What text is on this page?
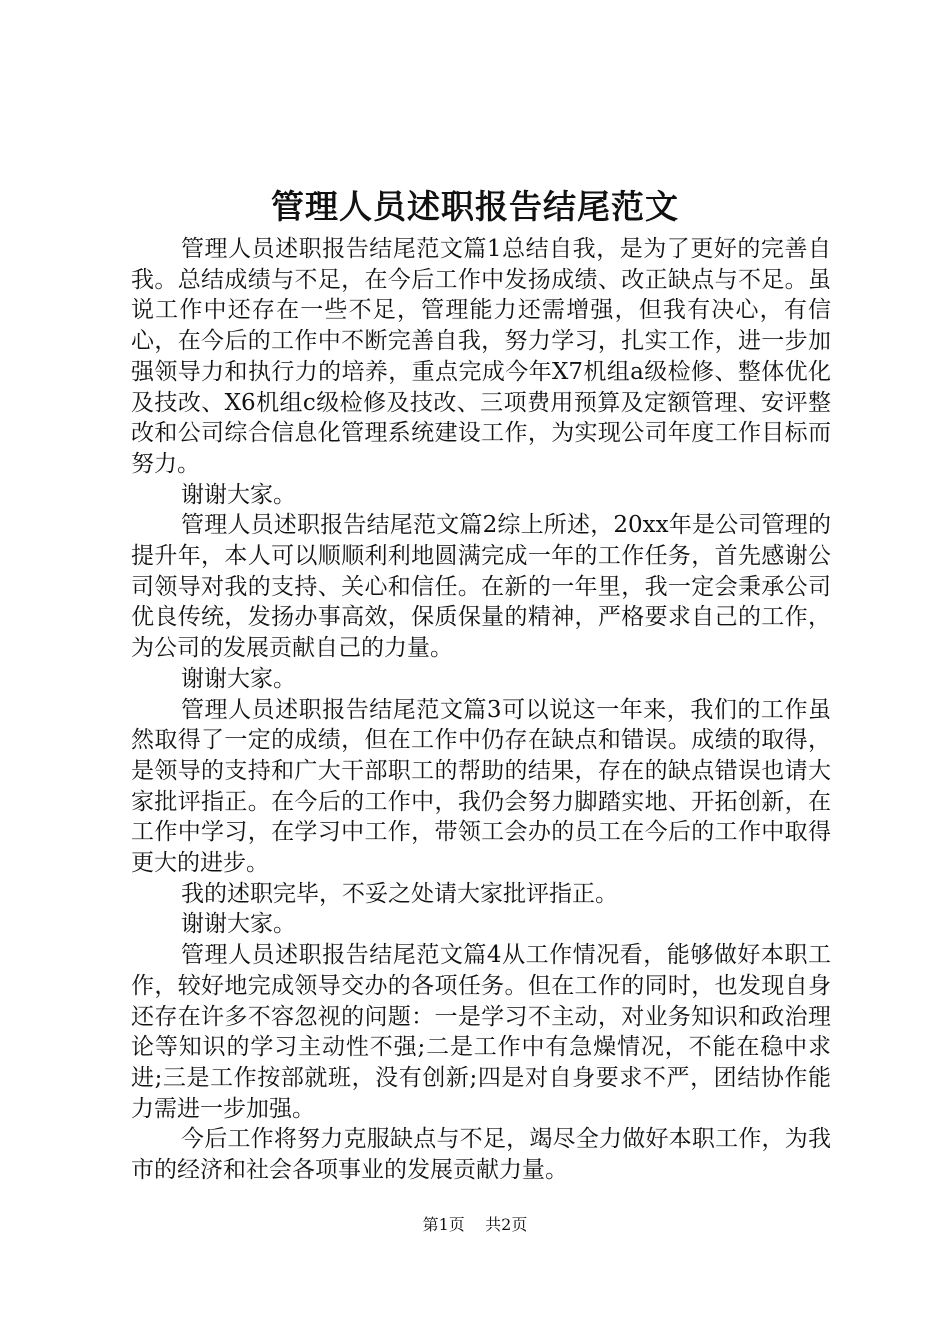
管理人员述职报告结尾范文

管理人员述职报告结尾范文篇1总结自我，是为了更好的完善自我。总结成绩与不足，在今后工作中发扬成绩、改正缺点与不足。虽说工作中还存在一些不足，管理能力还需增强，但我有决心，有信心，在今后的工作中不断完善自我，努力学习，扎实工作，进一步加强领导力和执行力的培养，重点完成今年X7机组a级检修、整体优化及技改、X6机组c级检修及技改、三项费用预算及定额管理、安评整改和公司综合信息化管理系统建设工作，为实现公司年度工作目标而努力。

谢谢大家。

管理人员述职报告结尾范文篇2综上所述，20xx年是公司管理的提升年，本人可以顺顺利利地圆满完成一年的工作任务，首先感谢公司领导对我的支持、关心和信任。在新的一年里，我一定会秉承公司优良传统，发扬办事高效，保质保量的精神，严格要求自己的工作，为公司的发展贡献自己的力量。

谢谢大家。

管理人员述职报告结尾范文篇3可以说这一年来，我们的工作虽然取得了一定的成绩，但在工作中仍存在缺点和错误。成绩的取得，是领导的支持和广大干部职工的帮助的结果，存在的缺点错误也请大家批评指正。在今后的工作中，我仍会努力脚踏实地、开拓创新，在工作中学习，在学习中工作，带领工会办的员工在今后的工作中取得更大的进步。

我的述职完毕，不妥之处请大家批评指正。

谢谢大家。

管理人员述职报告结尾范文篇4从工作情况看，能够做好本职工作，较好地完成领导交办的各项任务。但在工作的同时，也发现自身还存在许多不容忽视的问题：一是学习不主动，对业务知识和政治理论等知识的学习主动性不强;二是工作中有急燥情况，不能在稳中求进;三是工作按部就班，没有创新;四是对自身要求不严，团结协作能力需进一步加强。

今后工作将努力克服缺点与不足，竭尽全力做好本职工作，为我市的经济和社会各项事业的发展贡献力量。

第1页 共2页
